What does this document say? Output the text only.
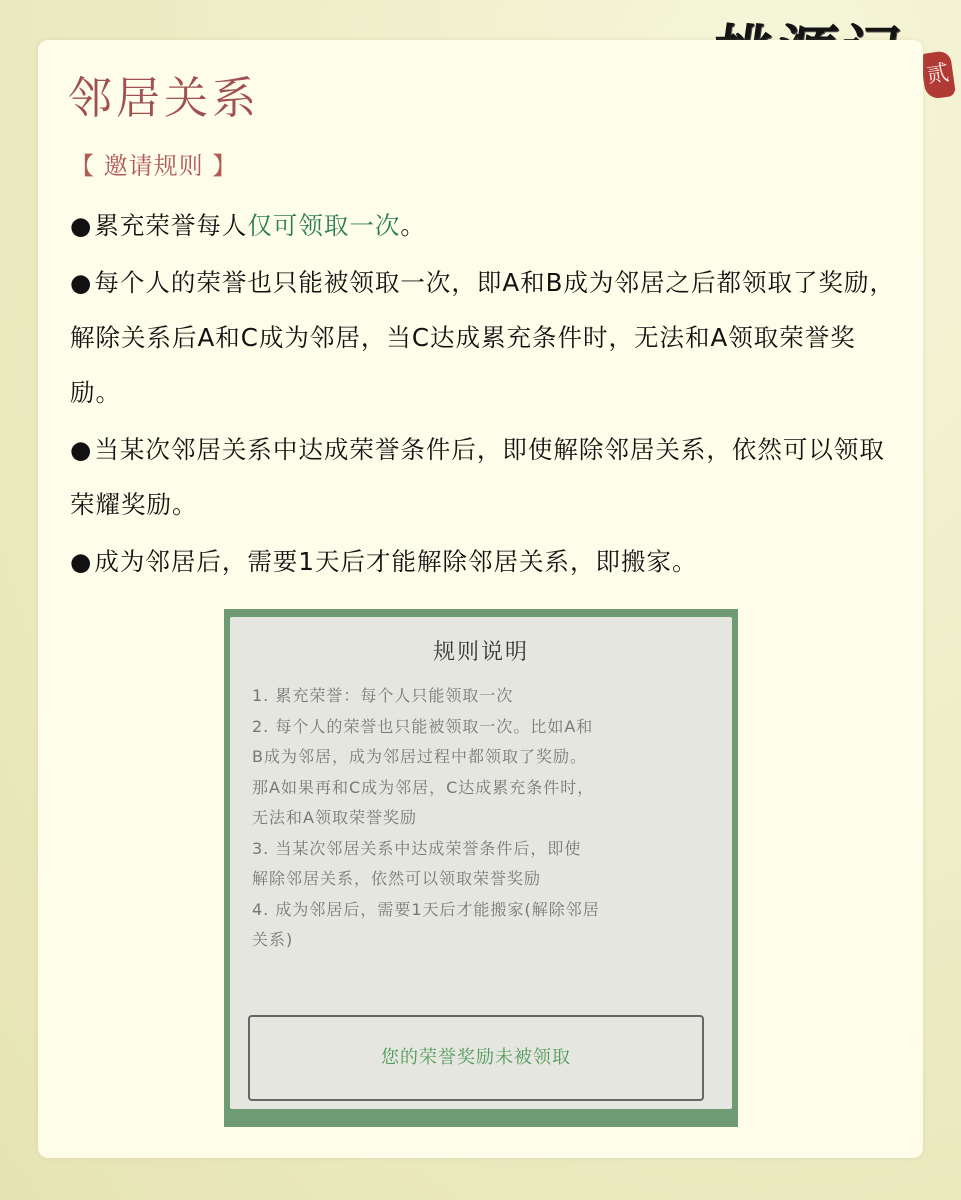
贰
邻居关系
【 邀请规则 】

●累充荣誉每人仅可领取一次。

●每个人的荣誉也只能被领取一次，即A和B成为邻居之后都领取了奖励，解除关系后A和C成为邻居，当C达成累充条件时，无法和A领取荣誉奖励。

●当某次邻居关系中达成荣誉条件后，即使解除邻居关系，依然可以领取荣耀奖励。

●成为邻居后，需要1天后才能解除邻居关系，即搬家。

规则说明
1. 累充荣誉：每个人只能领取一次
2. 每个人的荣誉也只能被领取一次。比如A和
B成为邻居，成为邻居过程中都领取了奖励。
那A如果再和C成为邻居，C达成累充条件时，
无法和A领取荣誉奖励
3. 当某次邻居关系中达成荣誉条件后，即使
解除邻居关系，依然可以领取荣誉奖励
4. 成为邻居后，需要1天后才能搬家(解除邻居
关系)
您的荣誉奖励未被领取
